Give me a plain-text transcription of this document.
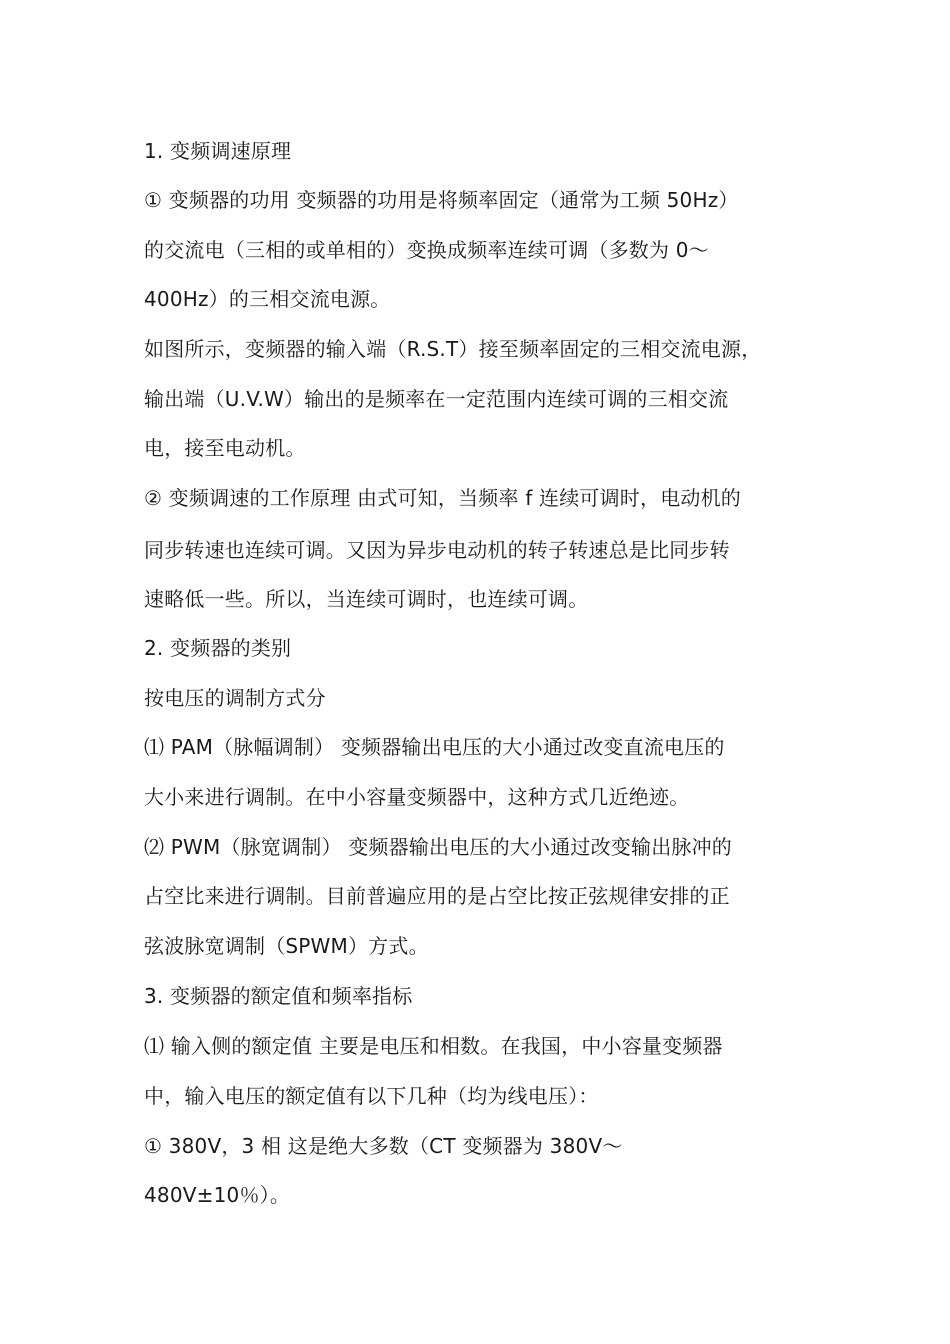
1. 变频调速原理
① 变频器的功用 变频器的功用是将频率固定（通常为工频 50Hz）
的交流电（三相的或单相的）变换成频率连续可调（多数为 0～
400Hz）的三相交流电源。
如图所示，变频器的输入端（R.S.T）接至频率固定的三相交流电源，
输出端（U.V.W）输出的是频率在一定范围内连续可调的三相交流
电，接至电动机。
② 变频调速的工作原理 由式可知，当频率 f 连续可调时，电动机的
同步转速也连续可调。又因为异步电动机的转子转速总是比同步转
速略低一些。所以，当连续可调时，也连续可调。
2. 变频器的类别
按电压的调制方式分
⑴ PAM（脉幅调制） 变频器输出电压的大小通过改变直流电压的
大小来进行调制。在中小容量变频器中，这种方式几近绝迹。
⑵ PWM（脉宽调制） 变频器输出电压的大小通过改变输出脉冲的
占空比来进行调制。目前普遍应用的是占空比按正弦规律安排的正
弦波脉宽调制（SPWM）方式。
3. 变频器的额定值和频率指标
⑴ 输入侧的额定值 主要是电压和相数。在我国，中小容量变频器
中，输入电压的额定值有以下几种（均为线电压）：
① 380V，3 相 这是绝大多数（CT 变频器为 380V～
480V±10％）。
